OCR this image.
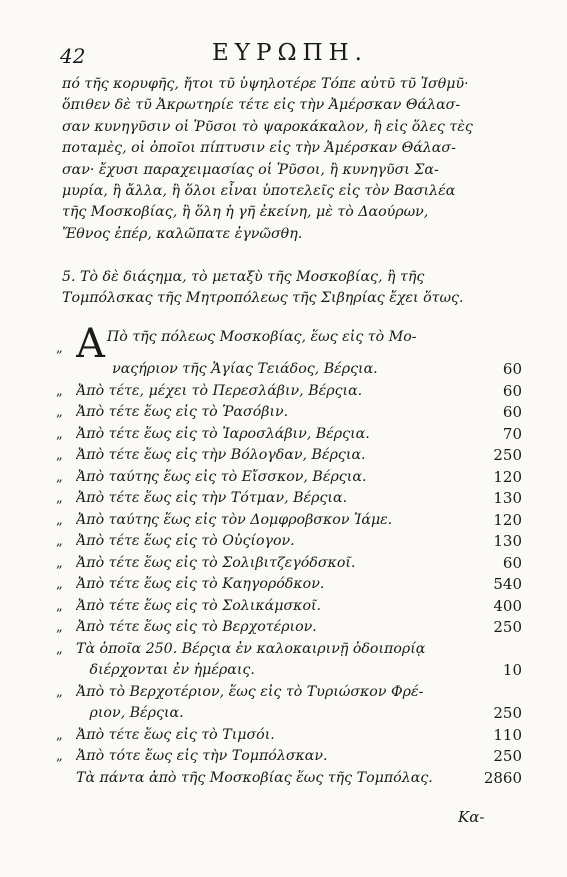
42	ΕΥΡΩΠΗ.
πό τῆς κορυφῆς, ἤτοι τῦ ὑψηλοτέρε Τόπε αὐτῦ τῦ Ἰσθμῦ·
ὅπιθεν δὲ τῦ Ἀκρωτηρίε τέτε εἰς τὴν Ἀμέρσκαν Θάλασ-
σαν κυνηγῦσιν οἱ Ῥῦσοι τὸ ψαροκάκαλον, ἢ εἰς ὅλες τὲς
ποταμὲς, οἱ ὁποῖοι πίπτυσιν εἰς τὴν Ἀμέρσκαν Θάλασ-
σαν· ἔχυσι παραχειμασίας οἱ Ῥῦσοι, ἢ κυνηγῦσι Σα-
μυρία, ἢ ἄλλα, ἢ ὅλοι εἶναι ὑποτελεῖς εἰς τὸν Βασιλέα
τῆς Μοσκοβίας, ἢ ὅλη ἡ γῆ ἐκείνη, μὲ τὸ Δαούρων,
Ἔθνος ἐπέρ, καλῶπατε ἐγνῶσθη.
5. Τὸ δὲ διάςημα, τὸ μεταξὺ τῆς Μοσκοβίας, ἢ τῆς
Τομπόλσκας τῆς Μητροπόλεως τῆς Σιβηρίας ἔχει ὅτως.
„ Α Πὸ τῆς πόλεως Μοσκοβίας, ἕως εἰς τὸ Μο-
ναςήριον τῆς Ἁγίας Τειάδος, Βέρςια.	60
„ Ἀπὸ τέτε, μέχει τὸ Περεσλάβιν, Βέρςια.	60
„ Ἀπὸ τέτε ἕως εἰς τὸ Ῥασόβιν.	60
„ Ἀπὸ τέτε ἕως εἰς τὸ Ἰαροσλάβιν, Βέρςια.	70
„ Ἀπὸ τέτε ἕως εἰς τὴν Βόλογδαν, Βέρςια.	250
„ Ἀπὸ ταύτης ἕως εἰς τὸ Εἴσσκον, Βέρςια.	120
„ Ἀπὸ τέτε ἕως εἰς τὴν Τότμαν, Βέρςια.	130
„ Ἀπὸ ταύτης ἕως εἰς τὸν Δομφροβσκον Ἰάμε.	120
„ Ἀπὸ τέτε ἕως εἰς τὸ Οὐςίογον.	130
„ Ἀπὸ τέτε ἕως εἰς τὸ Σολιβιτζεγόδσκοῖ.	60
„ Ἀπὸ τέτε ἕως εἰς τὸ Καηγορόδκον.	540
„ Ἀπὸ τέτε ἕως εἰς τὸ Σολικάμσκοῖ.	400
„ Ἀπὸ τέτε ἕως εἰς τὸ Βερχοτέριον.	250
„ Τὰ ὁποῖα 250. Βέρςια ἐν καλοκαιρινῇ ὁδοιπορίᾳ
διέρχονται ἐν ἡμέραις.	10
„ Ἀπὸ τὸ Βερχοτέριον, ἕως εἰς τὸ Τυριώσκον Φρέ-
ριον, Βέρςια.	250
„ Ἀπὸ τέτε ἕως εἰς τὸ Τιμσόι.	110
„ Ἀπὸ τότε ἕως εἰς τὴν Τομπόλσκαν.	250
Τὰ πάντα ἀπὸ τῆς Μοσκοβίας ἕως τῆς Τομπόλας.	2860
Κα-
